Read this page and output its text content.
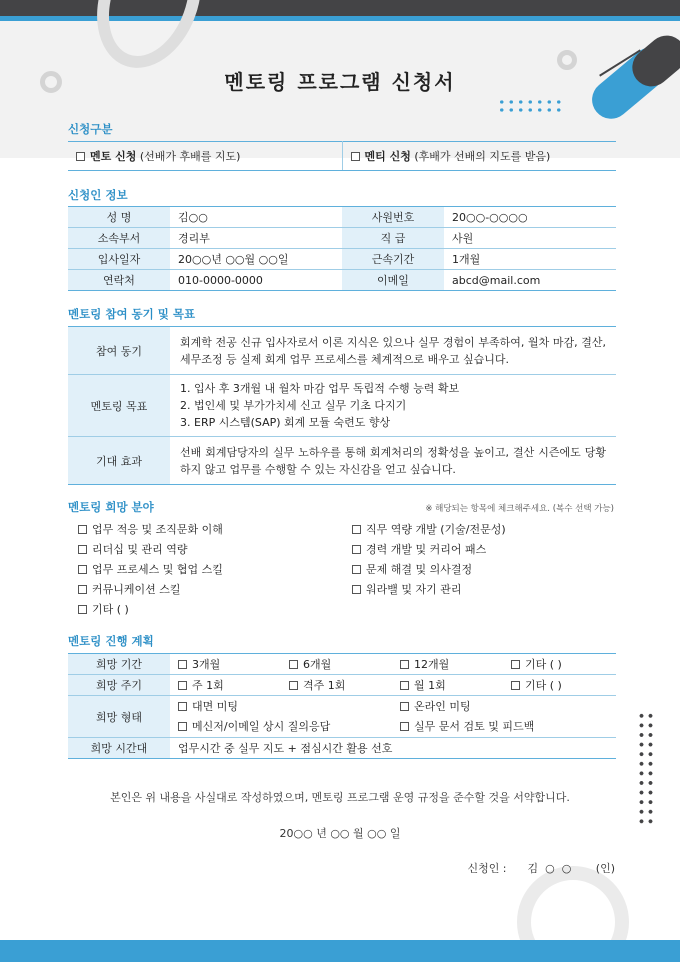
멘토링 프로그램 신청서
신청구분
멘토 신청 (선배가 후배를 지도)	멘티 신청 (후배가 선배의 지도를 받음)
신청인 정보
성 명	김○○	사원번호	20○○-○○○○
소속부서	경리부	직 급	사원
입사일자	20○○년 ○○월 ○○일	근속기간	1개월
연락처	010-0000-0000	이메일	abcd@mail.com
멘토링 참여 동기 및 목표
참여 동기	회계학 전공 신규 입사자로서 이론 지식은 있으나 실무 경험이 부족하여, 월차 마감, 결산, 세무조정 등 실제 회계 업무 프로세스를 체계적으로 배우고 싶습니다.
멘토링 목표	1. 입사 후 3개월 내 월차 마감 업무 독립적 수행 능력 확보
2. 법인세 및 부가가치세 신고 실무 기초 다지기
3. ERP 시스템(SAP) 회계 모듈 숙련도 향상

기대 효과	선배 회계담당자의 실무 노하우를 통해 회계처리의 정확성을 높이고, 결산 시즌에도 당황하지 않고 업무를 수행할 수 있는 자신감을 얻고 싶습니다.
멘토링 희망 분야	※ 해당되는 항목에 체크해주세요. (복수 선택 가능)
업무 적응 및 조직문화 이해	직무 역량 개발 (기술/전문성)
리더십 및 관리 역량	경력 개발 및 커리어 패스
업무 프로세스 및 협업 스킬	문제 해결 및 의사결정
커뮤니케이션 스킬	워라밸 및 자기 관리
기타 ( )
멘토링 진행 계획
희망 기간	3개월 6개월 12개월 기타 ( )
희망 주기	주 1회 격주 1회 월 1회 기타 ( )
희망 형태	대면 미팅 온라인 미팅
메신저/이메일 상시 질의응답 실무 문서 검토 및 피드백

희망 시간대	업무시간 중 실무 지도 + 점심시간 활용 선호
본인은 위 내용을 사실대로 작성하였으며, 멘토링 프로그램 운영 규정을 준수할 것을 서약합니다.
20○○ 년 ○○ 월 ○○ 일
신청인 :      김  ○  ○       (인)
